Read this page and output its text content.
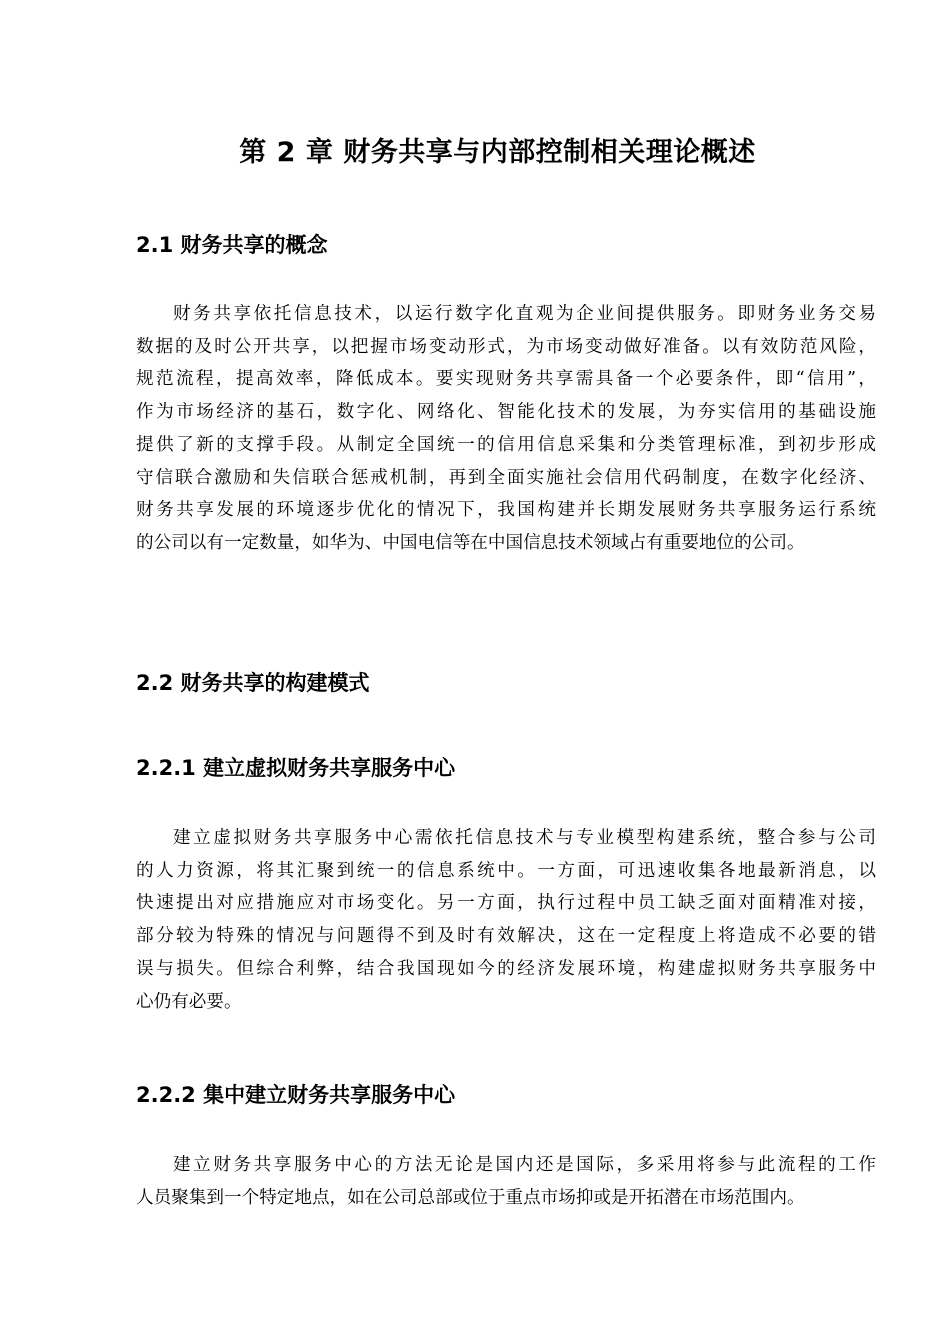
第 2 章 财务共享与内部控制相关理论概述
2.1 财务共享的概念
财务共享依托信息技术，以运行数字化直观为企业间提供服务。即财务业务交易
数据的及时公开共享，以把握市场变动形式，为市场变动做好准备。以有效防范风险，
规范流程，提高效率，降低成本。要实现财务共享需具备一个必要条件，即“信用”，
作为市场经济的基石，数字化、网络化、智能化技术的发展，为夯实信用的基础设施
提供了新的支撑手段。从制定全国统一的信用信息采集和分类管理标准，到初步形成
守信联合激励和失信联合惩戒机制，再到全面实施社会信用代码制度，在数字化经济、
财务共享发展的环境逐步优化的情况下，我国构建并长期发展财务共享服务运行系统
的公司以有一定数量，如华为、中国电信等在中国信息技术领域占有重要地位的公司。
2.2 财务共享的构建模式
2.2.1 建立虚拟财务共享服务中心
建立虚拟财务共享服务中心需依托信息技术与专业模型构建系统，整合参与公司
的人力资源，将其汇聚到统一的信息系统中。一方面，可迅速收集各地最新消息，以
快速提出对应措施应对市场变化。另一方面，执行过程中员工缺乏面对面精准对接，
部分较为特殊的情况与问题得不到及时有效解决，这在一定程度上将造成不必要的错
误与损失。但综合利弊，结合我国现如今的经济发展环境，构建虚拟财务共享服务中
心仍有必要。
2.2.2 集中建立财务共享服务中心
建立财务共享服务中心的方法无论是国内还是国际，多采用将参与此流程的工作
人员聚集到一个特定地点，如在公司总部或位于重点市场抑或是开拓潜在市场范围内。
